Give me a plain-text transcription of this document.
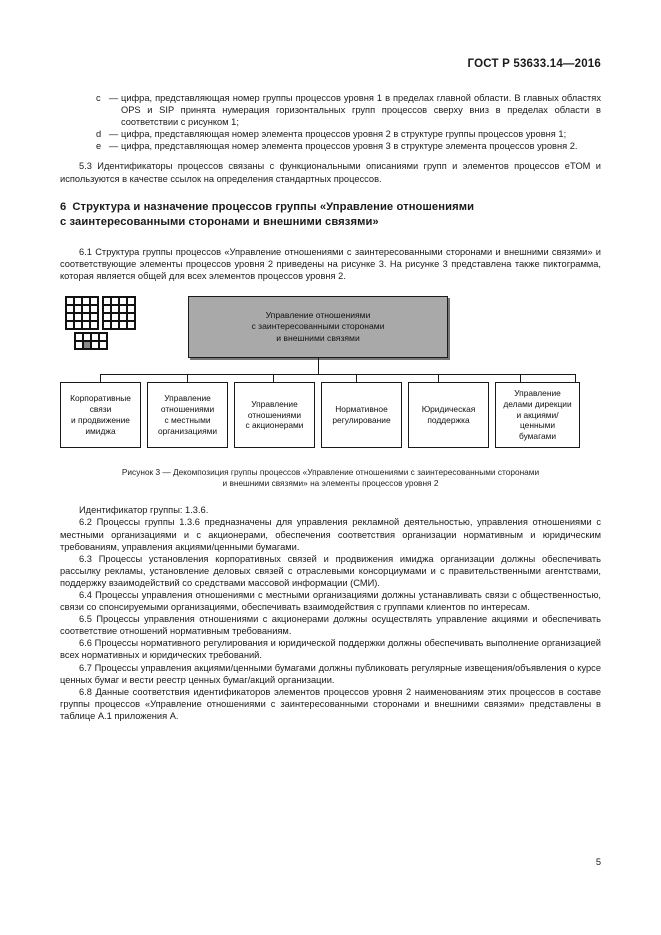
ГОСТ Р 53633.14—2016
c — цифра, представляющая номер группы процессов уровня 1 в пределах главной области. В главных областях OPS и SIP принята нумерация горизонтальных групп процессов сверху вниз в пределах области в соответствии с рисунком 1;
d — цифра, представляющая номер элемента процессов уровня 2 в структуре группы процессов уровня 1;
e — цифра, представляющая номер элемента процессов уровня 3 в структуре элемента процессов уровня 2.

5.3 Идентификаторы процессов связаны с функциональными описаниями групп и элементов процессов eTOM и используются в качестве ссылок на определения стандартных процессов.

6 Структура и назначение процессов группы «Управление отношениями
с заинтересованными сторонами и внешними связями»

6.1 Структура группы процессов «Управление отношениями с заинтересованными сторонами и внешними связями» и соответствующие элементы процессов уровня 2 приведены на рисунке 3. На рисунке 3 представлена также пиктограмма, которая является общей для всех элементов процессов уровня 2.

Управление отношениями
с заинтересованными сторонами
и внешними связями
Корпоративные
связи
и продвижение
имиджа
Управление
отношениями
с местными
организациями
Управление
отношениями
с акционерами
Нормативное
регулирование
Юридическая
поддержка
Управление
делами дирекции
и акциями/
ценными
бумагами
Рисунок 3 — Декомпозиция группы процессов «Управление отношениями с заинтересованными сторонами
и внешними связями» на элементы процессов уровня 2

Идентификатор группы: 1.3.6.

6.2 Процессы группы 1.3.6 предназначены для управления рекламной деятельностью, управления отношениями с местными организациями и с акционерами, обеспечения соответствия организации нормативным и юридическим требованиям, управления акциями/ценными бумагами.

6.3 Процессы установления корпоративных связей и продвижения имиджа организации должны обеспечивать рассылку рекламы, установление деловых связей с отраслевыми консорциумами и с правительственными агентствами, поддержку взаимодействий со средствами массовой информации (СМИ).

6.4 Процессы управления отношениями с местными организациями должны устанавливать связи с общественностью, связи со спонсируемыми организациями, обеспечивать взаимодействия с группами клиентов по интересам.

6.5 Процессы управления отношениями с акционерами должны осуществлять управление акциями и обеспечивать соответствие отношений нормативным требованиям.

6.6 Процессы нормативного регулирования и юридической поддержки должны обеспечивать выполнение организацией всех нормативных и юридических требований.

6.7 Процессы управления акциями/ценными бумагами должны публиковать регулярные извещения/объявления о курсе ценных бумаг и вести реестр ценных бумаг/акций организации.

6.8 Данные соответствия идентификаторов элементов процессов уровня 2 наименованиям этих процессов в составе группы процессов «Управление отношениями с заинтересованными сторонами и внешними связями» представлены в таблице А.1 приложения А.

5
